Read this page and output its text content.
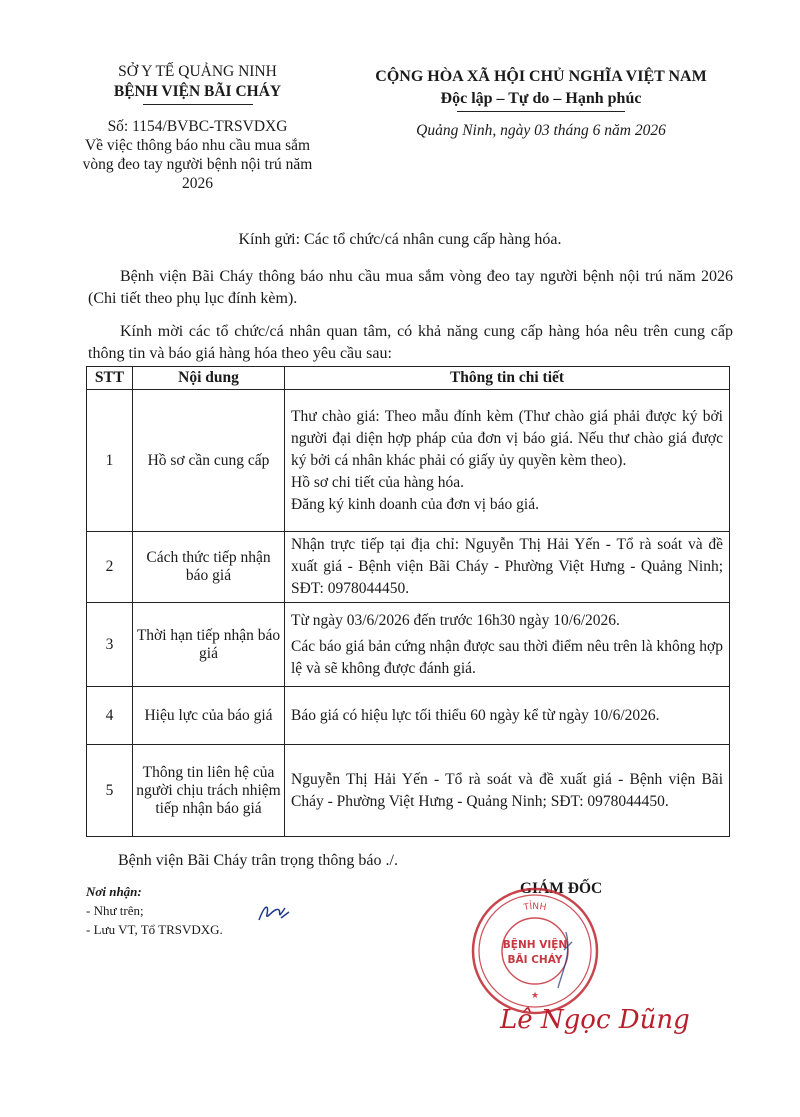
SỞ Y TẾ QUẢNG NINH
BỆNH VIỆN BÃI CHÁY
Số: 1154/BVBC-TRSVDXG
Về việc thông báo nhu cầu mua sắm vòng đeo tay người bệnh nội trú năm 2026
CỘNG HÒA XÃ HỘI CHỦ NGHĨA VIỆT NAM
Độc lập – Tự do – Hạnh phúc
Quảng Ninh, ngày 03 tháng 6 năm 2026
Kính gửi: Các tổ chức/cá nhân cung cấp hàng hóa.
Bệnh viện Bãi Cháy thông báo nhu cầu mua sắm vòng đeo tay người bệnh nội trú năm 2026 (Chi tiết theo phụ lục đính kèm).
Kính mời các tổ chức/cá nhân quan tâm, có khả năng cung cấp hàng hóa nêu trên cung cấp thông tin và báo giá hàng hóa theo yêu cầu sau:
STT	Nội dung	Thông tin chi tiết
1	Hồ sơ cần cung cấp	Thư chào giá: Theo mẫu đính kèm (Thư chào giá phải được ký bởi người đại diện hợp pháp của đơn vị báo giá. Nếu thư chào giá được ký bởi cá nhân khác phải có giấy ủy quyền kèm theo).
Hồ sơ chi tiết của hàng hóa.
Đăng ký kinh doanh của đơn vị báo giá.

2	Cách thức tiếp nhận báo giá	Nhận trực tiếp tại địa chỉ: Nguyễn Thị Hải Yến - Tổ rà soát và đề xuất giá - Bệnh viện Bãi Cháy - Phường Việt Hưng - Quảng Ninh; SĐT: 0978044450.

3	Thời hạn tiếp nhận báo giá	Từ ngày 03/6/2026 đến trước 16h30 ngày 10/6/2026.
Các báo giá bản cứng nhận được sau thời điểm nêu trên là không hợp lệ và sẽ không được đánh giá.

4	Hiệu lực của báo giá	Báo giá có hiệu lực tối thiểu 60 ngày kể từ ngày 10/6/2026.

5	Thông tin liên hệ của người chịu trách nhiệm tiếp nhận báo giá	Nguyễn Thị Hải Yến - Tổ rà soát và đề xuất giá - Bệnh viện Bãi Cháy - Phường Việt Hưng - Quảng Ninh; SĐT: 0978044450.
Bệnh viện Bãi Cháy trân trọng thông báo ./.
Nơi nhận:
- Như trên;
- Lưu VT, Tổ TRSVDXG.
GIÁM ĐỐC
TỈNH
BỆNH VIỆN
BÃI CHÁY
★
Lê Ngọc Dũng
